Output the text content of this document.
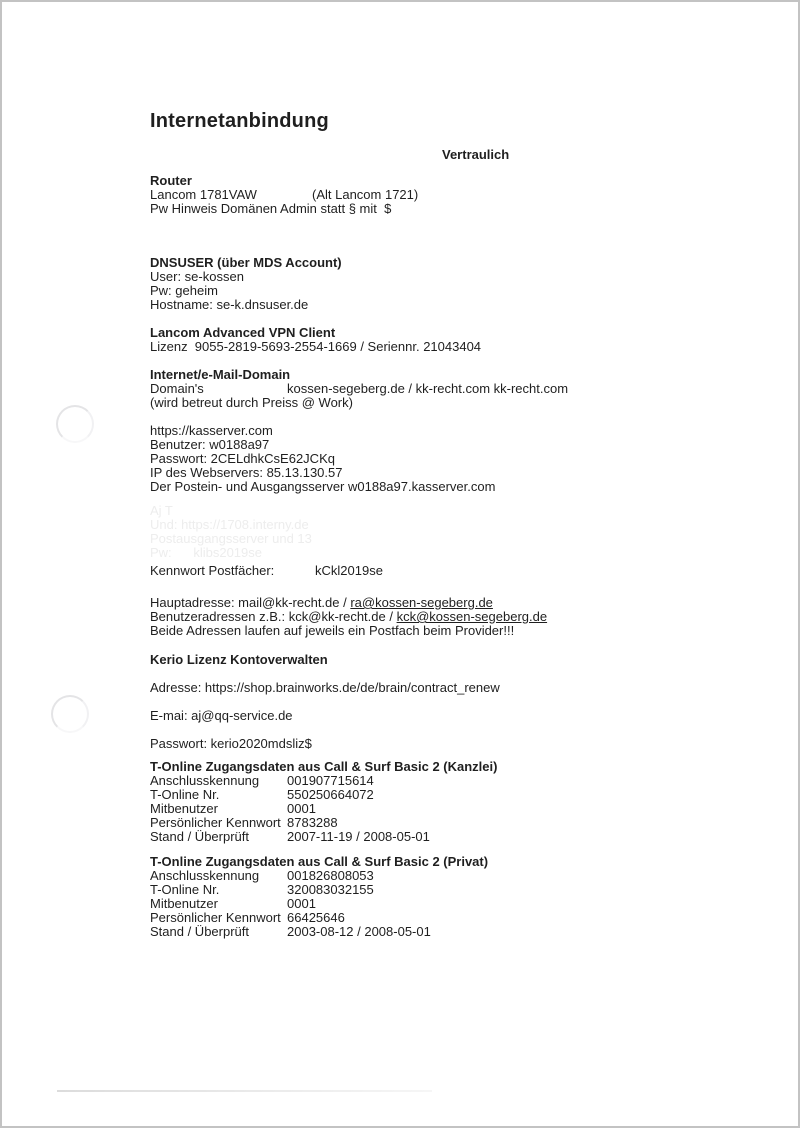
Internetanbindung
Vertraulich
Router
Lancom 1781VAW	(Alt Lancom 1721)
Pw Hinweis Domänen Admin statt § mit  $
DNSUSER (über MDS Account)
User: se-kossen
Pw: geheim
Hostname: se-k.dnsuser.de
Lancom Advanced VPN Client
Lizenz  9055-2819-5693-2554-1669 / Seriennr. 21043404
Internet/e-Mail-Domain
Domain's	kossen-segeberg.de / kk-recht.com kk-recht.com
(wird betreut durch Preiss @ Work)
https://kasserver.com
Benutzer: w0188a97
Passwort: 2CELdhkCsE62JCKq
IP des Webservers: 85.13.130.57
Der Postein- und Ausgangsserver w0188a97.kasserver.com
Aj T
Und: https://1708.interny.de
Postausgangsserver und 13
Pw:      klibs2019se
Kennwort Postfächer:	kCkl2019se
Hauptadresse: mail@kk-recht.de / ra@kossen-segeberg.de
Benutzeradressen z.B.: kck@kk-recht.de / kck@kossen-segeberg.de
Beide Adressen laufen auf jeweils ein Postfach beim Provider!!!
Kerio Lizenz Kontoverwalten
Adresse: https://shop.brainworks.de/de/brain/contract_renew
E-mai: aj@qq-service.de
Passwort: kerio2020mdsliz$
T-Online Zugangsdaten aus Call & Surf Basic 2 (Kanzlei)
Anschlusskennung 001907715614
T-Online Nr.	550250664072
Mitbenutzer	0001
Persönlicher Kennwort 8783288
Stand / Überprüft	2007-11-19 / 2008-05-01
T-Online Zugangsdaten aus Call & Surf Basic 2 (Privat)
Anschlusskennung 001826808053
T-Online Nr.	320083032155
Mitbenutzer	0001
Persönlicher Kennwort 66425646
Stand / Überprüft	2003-08-12 / 2008-05-01
